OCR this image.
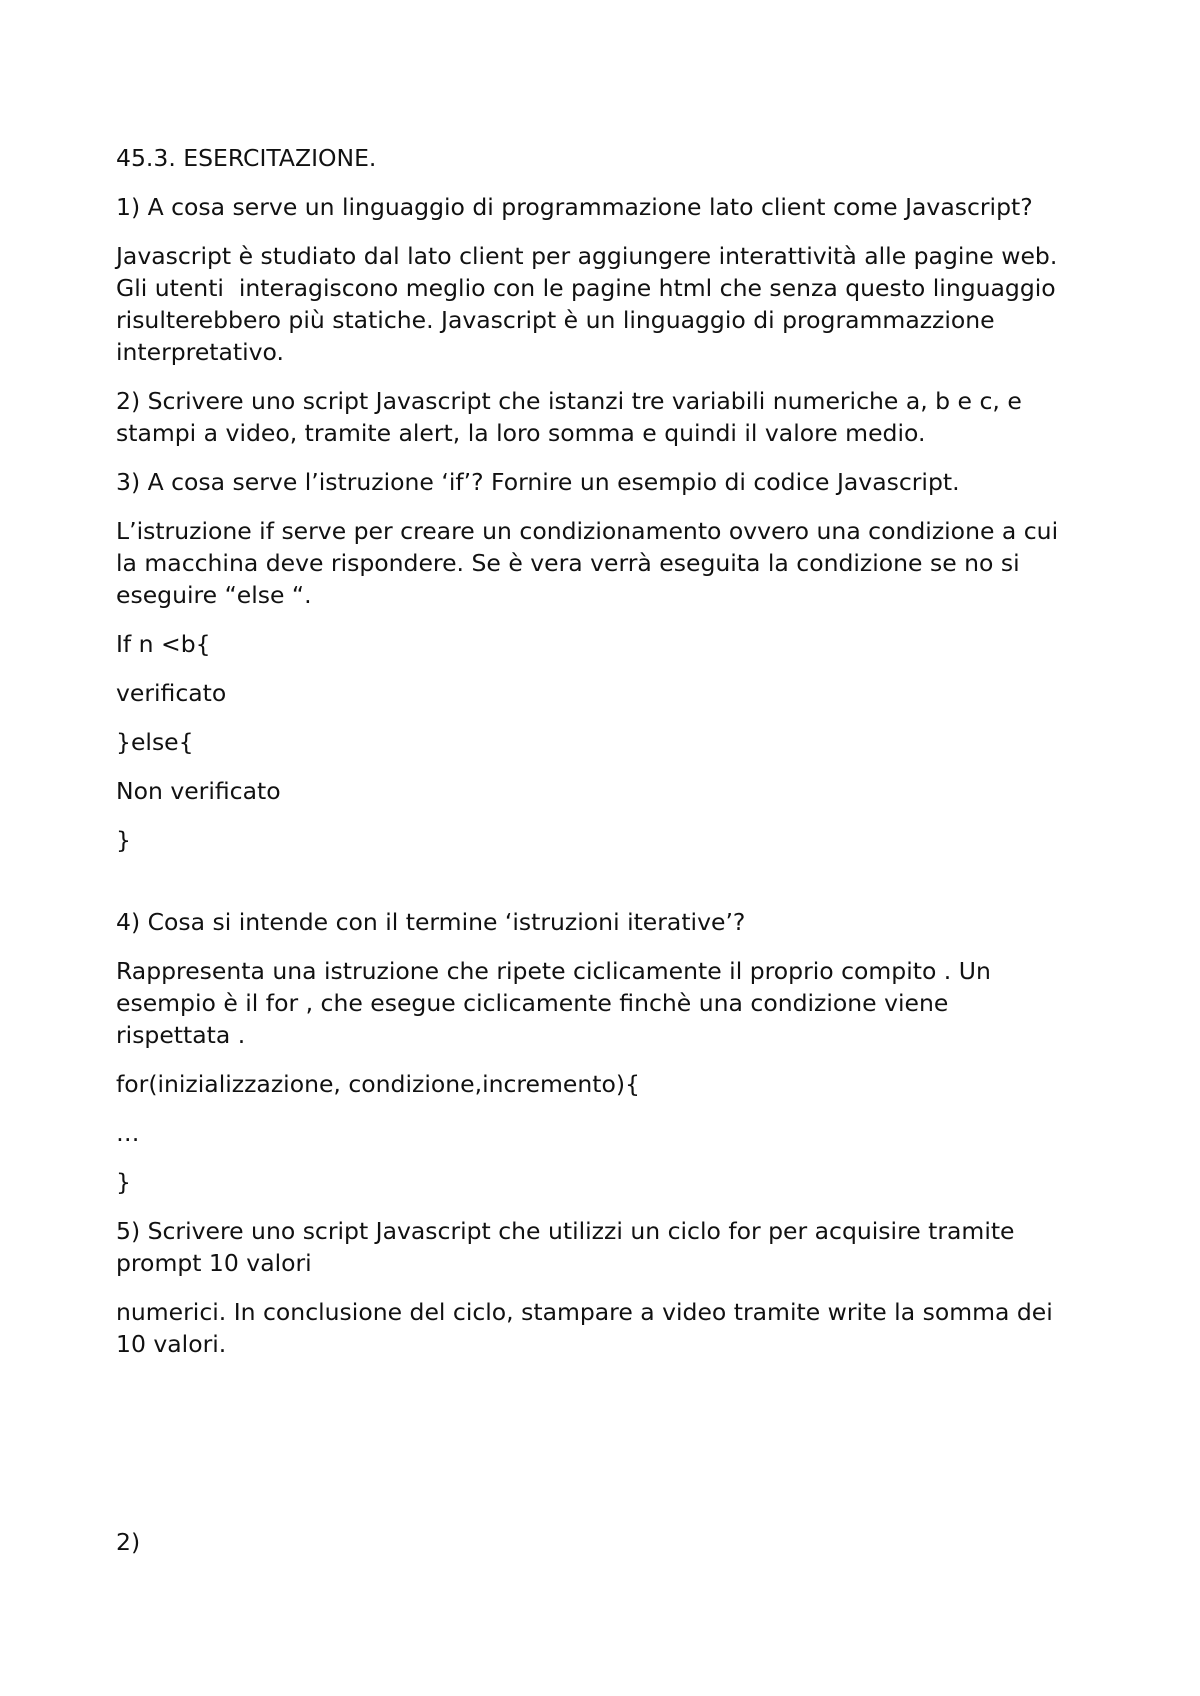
45.3. ESERCITAZIONE.

1) A cosa serve un linguaggio di programmazione lato client come Javascript?

Javascript è studiato dal lato client per aggiungere interattività alle pagine web.

Gli utenti  interagiscono meglio con le pagine html che senza questo linguaggio

risulterebbero più statiche. Javascript è un linguaggio di programmazzione

interpretativo.

2) Scrivere uno script Javascript che istanzi tre variabili numeriche a, b e c, e

stampi a video, tramite alert, la loro somma e quindi il valore medio.

3) A cosa serve l’istruzione ‘if’? Fornire un esempio di codice Javascript.

L’istruzione if serve per creare un condizionamento ovvero una condizione a cui

la macchina deve rispondere. Se è vera verrà eseguita la condizione se no si

eseguire “else “.

If n <b{

verificato

}else{

Non verificato

}

4) Cosa si intende con il termine ‘istruzioni iterative’?

Rappresenta una istruzione che ripete ciclicamente il proprio compito . Un

esempio è il for , che esegue ciclicamente finchè una condizione viene

rispettata .

for(inizializzazione, condizione,incremento){

…

}

5) Scrivere uno script Javascript che utilizzi un ciclo for per acquisire tramite

prompt 10 valori

numerici. In conclusione del ciclo, stampare a video tramite write la somma dei

10 valori.

2)
